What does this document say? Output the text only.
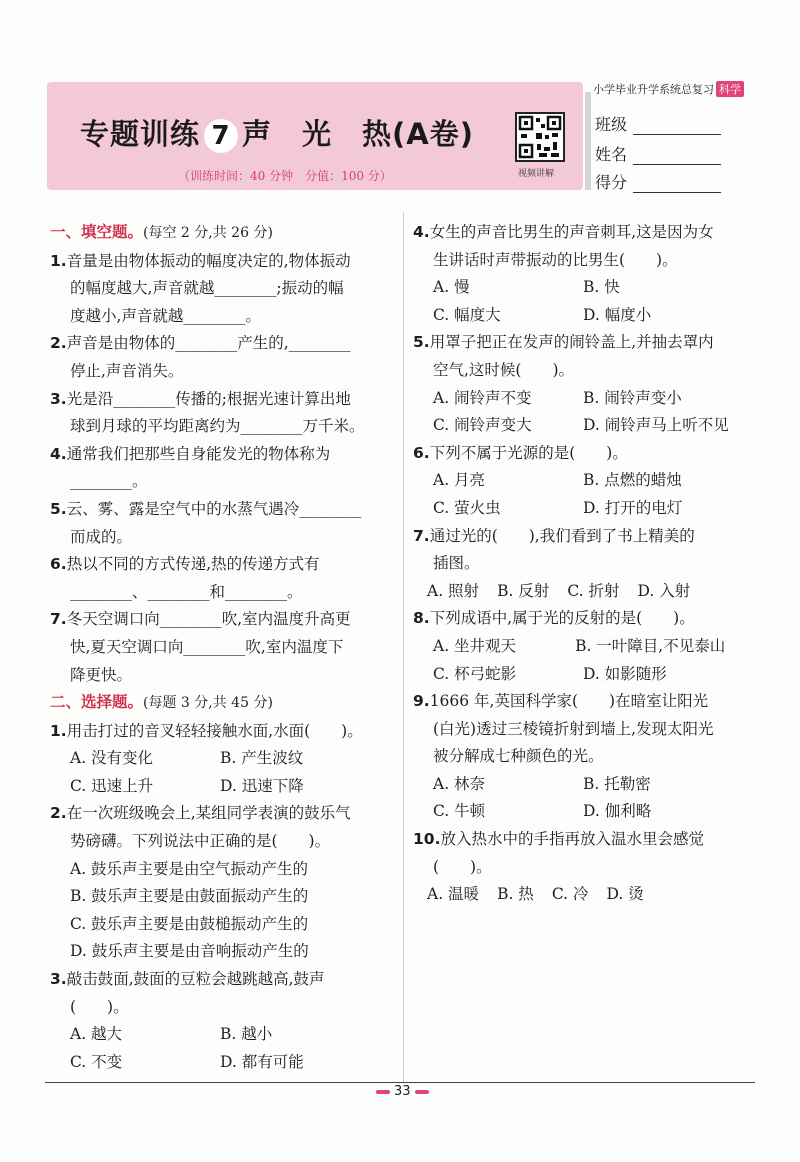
专题训练 7 声　光　热(A卷)
（训练时间：40 分钟　分值：100 分）	视频讲解
小学毕业升学系统总复习 科学
班级
姓名
得分
一、填空题。(每空 2 分,共 26 分)
1.音量是由物体振动的幅度决定的,物体振动
的幅度越大,声音就越________;振动的幅
度越小,声音就越________。
2.声音是由物体的________产生的,________
停止,声音消失。
3.光是沿________传播的;根据光速计算出地
球到月球的平均距离约为________万千米。
4.通常我们把那些自身能发光的物体称为
________。
5.云、雾、露是空气中的水蒸气遇冷________
而成的。
6.热以不同的方式传递,热的传递方式有
________、________和________。
7.冬天空调口向________吹,室内温度升高更
快,夏天空调口向________吹,室内温度下
降更快。
二、选择题。(每题 3 分,共 45 分)
1.用击打过的音叉轻轻接触水面,水面(　　)。
A. 没有变化	B. 产生波纹
C. 迅速上升	D. 迅速下降
2.在一次班级晚会上,某组同学表演的鼓乐气
势磅礴。下列说法中正确的是(　　)。
A. 鼓乐声主要是由空气振动产生的
B. 鼓乐声主要是由鼓面振动产生的
C. 鼓乐声主要是由鼓槌振动产生的
D. 鼓乐声主要是由音响振动产生的
3.敲击鼓面,鼓面的豆粒会越跳越高,鼓声
(　　)。
A. 越大	B. 越小
C. 不变	D. 都有可能
4.女生的声音比男生的声音刺耳,这是因为女
生讲话时声带振动的比男生(　　)。
A. 慢	B. 快
C. 幅度大	D. 幅度小
5.用罩子把正在发声的闹铃盖上,并抽去罩内
空气,这时候(　　)。
A. 闹铃声不变	B. 闹铃声变小
C. 闹铃声变大	D. 闹铃声马上听不见
6.下列不属于光源的是(　　)。
A. 月亮	B. 点燃的蜡烛
C. 萤火虫	D. 打开的电灯
7.通过光的(　　),我们看到了书上精美的
插图。
A. 照射 B. 反射 C. 折射 D. 入射
8.下列成语中,属于光的反射的是(　　)。
A. 坐井观天	B. 一叶障目,不见泰山
C. 杯弓蛇影	D. 如影随形
9.1666 年,英国科学家(　　)在暗室让阳光
(白光)透过三棱镜折射到墙上,发现太阳光
被分解成七种颜色的光。
A. 林奈	B. 托勒密
C. 牛顿	D. 伽利略
10.放入热水中的手指再放入温水里会感觉
(　　)。
A. 温暖 B. 热 C. 冷 D. 烫
33
